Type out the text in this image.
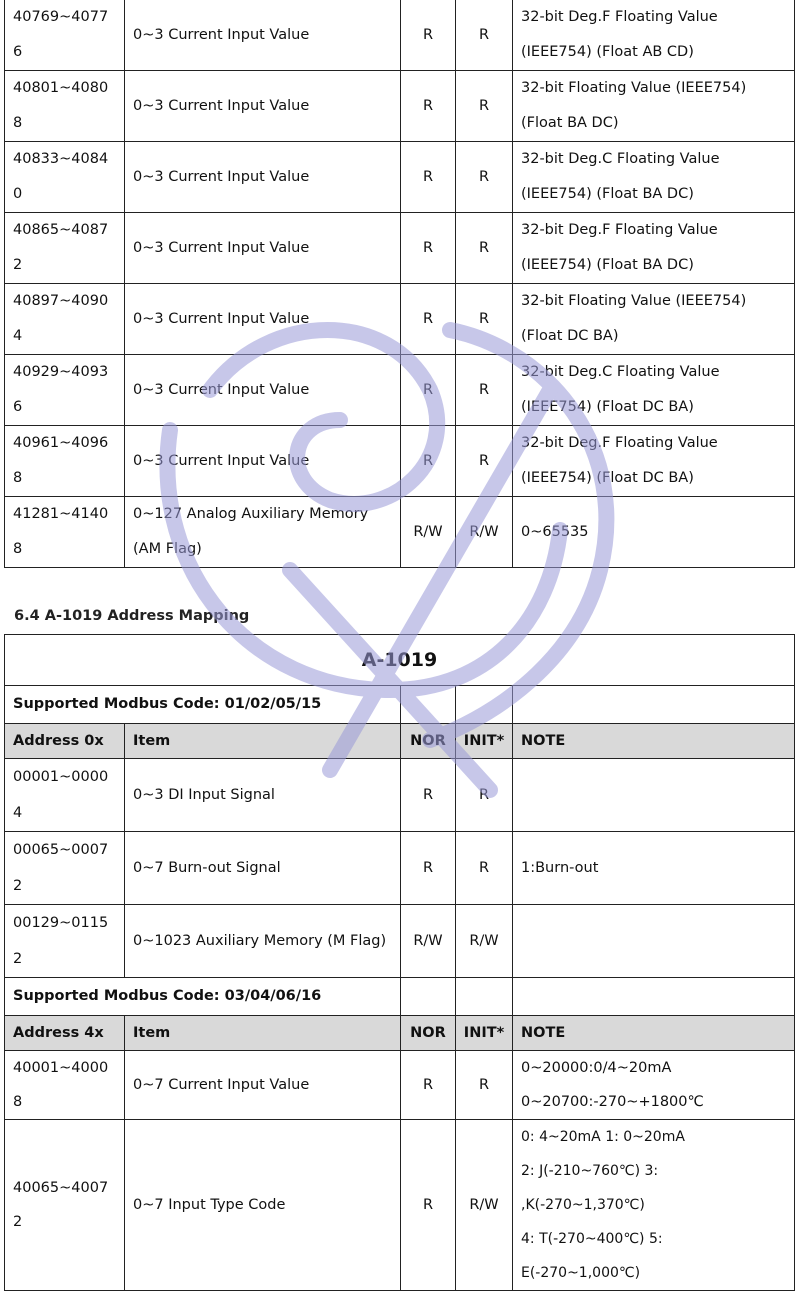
40769~40776	0~3 Current Input Value	R	R	32-bit Deg.F Floating Value (IEEE754) (Float AB CD)
40801~40808	0~3 Current Input Value	R	R	32-bit Floating Value (IEEE754) (Float BA DC)
40833~40840	0~3 Current Input Value	R	R	32-bit Deg.C Floating Value (IEEE754) (Float BA DC)
40865~40872	0~3 Current Input Value	R	R	32-bit Deg.F Floating Value (IEEE754) (Float BA DC)
40897~40904	0~3 Current Input Value	R	R	32-bit Floating Value (IEEE754) (Float DC BA)
40929~40936	0~3 Current Input Value	R	R	32-bit Deg.C Floating Value (IEEE754) (Float DC BA)
40961~40968	0~3 Current Input Value	R	R	32-bit Deg.F Floating Value (IEEE754) (Float DC BA)
41281~41408	0~127 Analog Auxiliary Memory (AM Flag)	R/W	R/W	0~65535
6.4 A-1019 Address Mapping
A-1019				
Supported Modbus Code: 01/02/05/15				
Address 0x	Item	NOR	INIT*	NOTE
00001~00004	0~3 DI Input Signal	R	R	
00065~00072	0~7 Burn-out Signal	R	R	1:Burn-out
00129~01152	0~1023 Auxiliary Memory (M Flag)	R/W	R/W	
Supported Modbus Code: 03/04/06/16				
Address 4x	Item	NOR	INIT*	NOTE
40001~40008	0~7 Current Input Value	R	R	0~20000:0/4~20mA
0~20700:-270~+1800℃

40065~40072	0~7 Input Type Code	R	R/W	0: 4~20mA 1: 0~20mA
2: J(-210~760℃) 3: ,K(-270~1,370℃)
4: T(-270~400℃) 5: E(-270~1,000℃)
